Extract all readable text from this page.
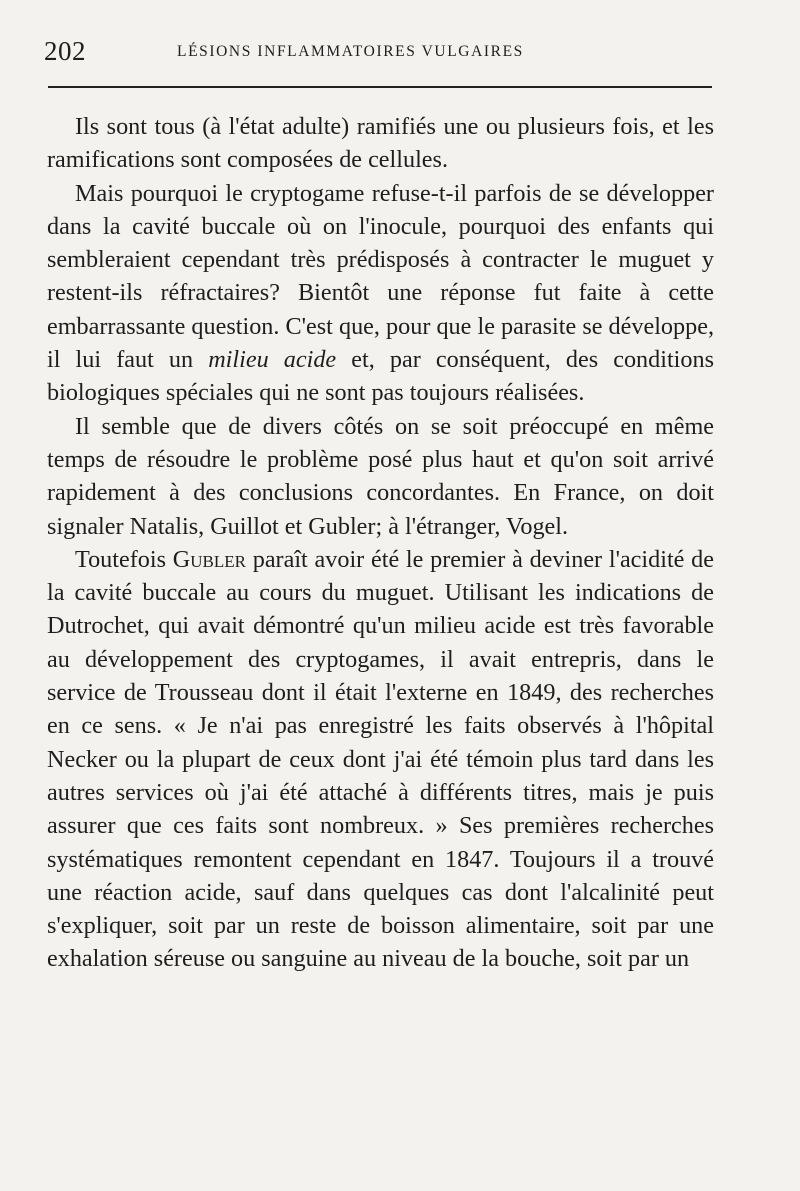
202	LÉSIONS INFLAMMATOIRES VULGAIRES

Ils sont tous (à l'état adulte) ramifiés une ou plusieurs fois, et les ramifications sont composées de cellules.

Mais pourquoi le cryptogame refuse-t-il parfois de se développer dans la cavité buccale où on l'inocule, pourquoi des enfants qui sembleraient cependant très prédisposés à contracter le muguet y restent-ils réfractaires? Bientôt une réponse fut faite à cette embarrassante question. C'est que, pour que le parasite se développe, il lui faut un milieu acide et, par conséquent, des conditions biologiques spéciales qui ne sont pas toujours réalisées.

Il semble que de divers côtés on se soit préoccupé en même temps de résoudre le problème posé plus haut et qu'on soit arrivé rapidement à des conclusions concordantes. En France, on doit signaler Natalis, Guillot et Gubler; à l'étranger, Vogel.

Toutefois Gubler paraît avoir été le premier à deviner l'acidité de la cavité buccale au cours du muguet. Utilisant les indications de Dutrochet, qui avait démontré qu'un milieu acide est très favorable au développement des cryptogames, il avait entrepris, dans le service de Trousseau dont il était l'externe en 1849, des recherches en ce sens. « Je n'ai pas enregistré les faits observés à l'hôpital Necker ou la plupart de ceux dont j'ai été témoin plus tard dans les autres services où j'ai été attaché à différents titres, mais je puis assurer que ces faits sont nombreux. » Ses premières recherches systématiques remontent cependant en 1847. Toujours il a trouvé une réaction acide, sauf dans quelques cas dont l'alcalinité peut s'expliquer, soit par un reste de boisson alimentaire, soit par une exhalation séreuse ou sanguine au niveau de la bouche, soit par un
